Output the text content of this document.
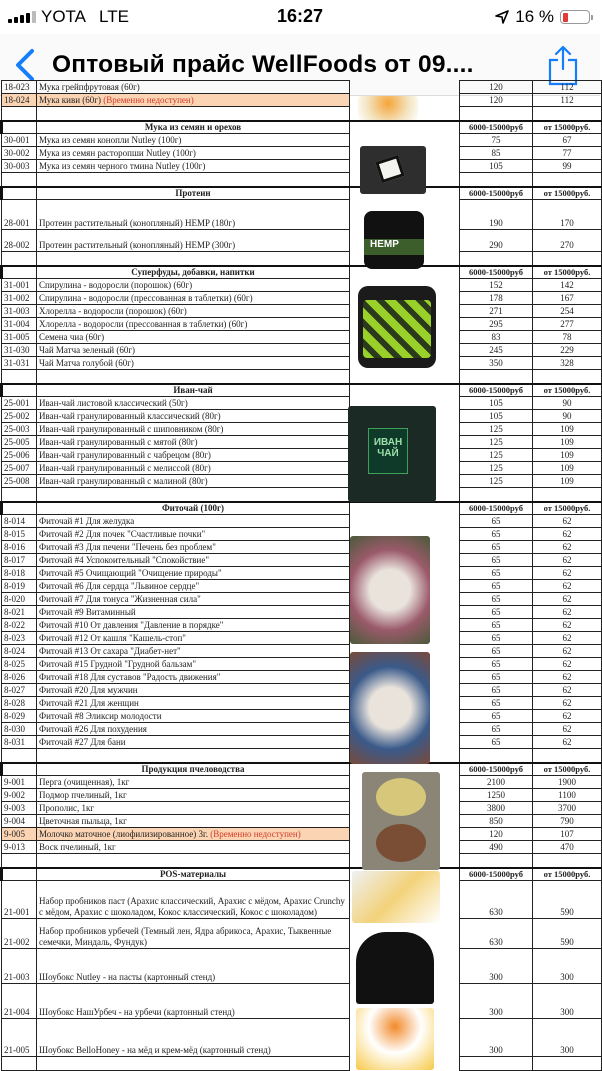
YOTA LTE	16:27	16 %
Оптовый прайс WellFoods от 09....
18-023	Мука грейпфрутовая (60г)		120	112
18-024	Мука киви (60г) (Временно недоступен)		120	112

	Мука из семян и орехов		6000-15000руб	от 15000руб.
30-001	Мука из семян конопли Nutley (100г)		75	67
30-002	Мука из семян расторопши Nutley (100г)		85	77
30-003	Мука из семян черного тмина Nutley (100г)		105	99

	Протеин		6000-15000руб	от 15000руб.
28-001	Протеин растительный (конопляный) HEMP (180г)		190	170
28-002	Протеин растительный (конопляный) HEMP (300г)		290	270

	Суперфуды, добавки, напитки		6000-15000руб	от 15000руб.
31-001	Спирулина - водоросли (порошок) (60г)		152	142
31-002	Спирулина - водоросли (прессованная в таблетки) (60г)		178	167
31-003	Хлорелла - водоросли (порошок) (60г)		271	254
31-004	Хлорелла - водоросли (прессованная в таблетки) (60г)		295	277
31-005	Семена чиа (60г)		83	78
31-030	Чай Матча зеленый (60г)		245	229
31-031	Чай Матча голубой (60г)		350	328

	Иван-чай		6000-15000руб	от 15000руб.
25-001	Иван-чай листовой классический (50г)		105	90
25-002	Иван-чай гранулированный классический (80г)		105	90
25-003	Иван-чай гранулированный с шиповником (80г)		125	109
25-005	Иван-чай гранулированный с мятой (80г)		125	109
25-006	Иван-чай гранулированный с чабрецом (80г)		125	109
25-007	Иван-чай гранулированный с мелиссой (80г)		125	109
25-008	Иван-чай гранулированный с малиной (80г)		125	109

	Фиточай (100г)		6000-15000руб	от 15000руб.
8-014	Фиточай #1 Для желудка		65	62
8-015	Фиточай #2 Для почек "Счастливые почки"		65	62
8-016	Фиточай #3 Для печени "Печень без проблем"		65	62
8-017	Фиточай #4 Успокоительный "Спокойствие"		65	62
8-018	Фиточай #5 Очищающий "Очищение природы"		65	62
8-019	Фиточай #6 Для сердца "Львиное сердце"		65	62
8-020	Фиточай #7 Для тонуса "Жизненная сила"		65	62
8-021	Фиточай #9 Витаминный		65	62
8-022	Фиточай #10 От давления "Давление в порядке"		65	62
8-023	Фиточай #12 От кашля "Кашель-стоп"		65	62
8-024	Фиточай #13 От сахара "Диабет-нет"		65	62
8-025	Фиточай #15 Грудной "Грудной бальзам"		65	62
8-026	Фиточай #18 Для суставов "Радость движения"		65	62
8-027	Фиточай #20 Для мужчин		65	62
8-028	Фиточай #21 Для женщин		65	62
8-029	Фиточай #8 Эликсир молодости		65	62
8-030	Фиточай #26 Для похудения		65	62
8-031	Фиточай #27 Для бани		65	62

	Продукция пчеловодства		6000-15000руб	от 15000руб.
9-001	Перга (очищенная), 1кг		2100	1900
9-002	Подмор пчелиный, 1кг		1250	1100
9-003	Прополис, 1кг		3800	3700
9-004	Цветочная пыльца, 1кг		850	790
9-005	Молочко маточное (лиофилизированное) 3г. (Временно недоступен)		120	107
9-013	Воск пчелиный, 1кг		490	470

	POS-материалы		6000-15000руб	от 15000руб.
21-001	Набор пробников паст (Арахис классический, Арахис с мёдом, Арахис Crunchy с мёдом, Арахис с шоколадом, Кокос классический, Кокос с шоколадом)		630	590
21-002	Набор пробников урбечей (Темный лен, Ядра абрикоса, Арахис, Тыквенные семечки, Миндаль, Фундук)		630	590
21-003	Шоубокс Nutley - на пасты (картонный стенд)		300	300
21-004	Шоубокс НашУрбеч - на урбечи (картонный стенд)		300	300
21-005	Шоубокс BelloHoney - на мёд и крем-мёд (картонный стенд)		300	300

HEMP
ИВАН
ЧАЙ
